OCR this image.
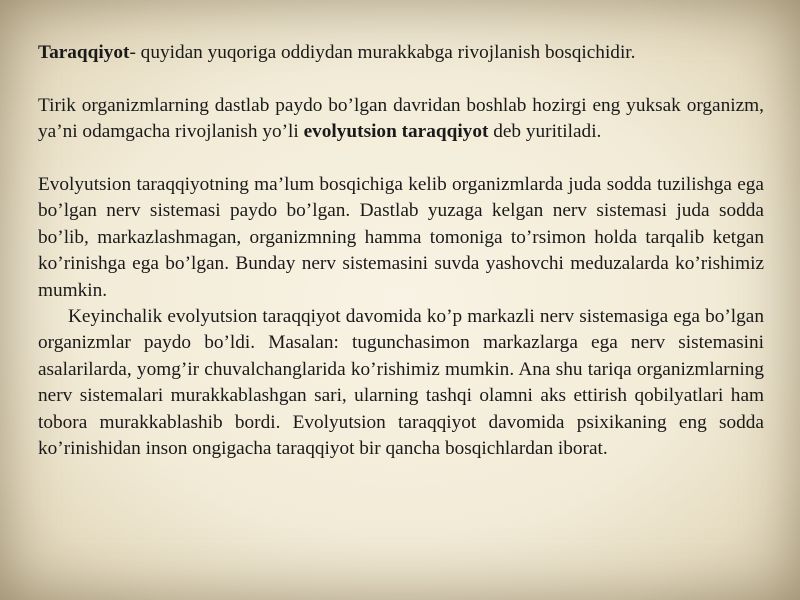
Taraqqiyot- quyidan yuqoriga oddiydan murakkabga rivojlanish bosqichidir.

Tirik organizmlarning dastlab paydo bo’lgan davridan boshlab hozirgi eng yuksak organizm, ya’ni odamgacha rivojlanish yo’li evolyutsion taraqqiyot deb yuritiladi.

Evolyutsion taraqqiyotning ma’lum bosqichiga kelib organizmlarda juda sodda tuzilishga ega bo’lgan nerv sistemasi paydo bo’lgan. Dastlab yuzaga kelgan nerv sistemasi juda sodda bo’lib, markazlashmagan, organizmning hamma tomoniga to’rsimon holda tarqalib ketgan ko’rinishga ega bo’lgan. Bunday nerv sistemasini suvda yashovchi meduzalarda ko’rishimiz mumkin.

Keyinchalik evolyutsion taraqqiyot davomida ko’p markazli nerv sistemasiga ega bo’lgan organizmlar paydo bo’ldi. Masalan: tugunchasimon markazlarga ega nerv sistemasini asalarilarda, yomg’ir chuvalchanglarida ko’rishimiz mumkin. Ana shu tariqa organizmlarning nerv sistemalari murakkablashgan sari, ularning tashqi olamni aks ettirish qobilyatlari ham tobora murakkablashib bordi. Evolyutsion taraqqiyot davomida psixikaning eng sodda ko’rinishidan inson ongigacha taraqqiyot bir qancha bosqichlardan iborat.
